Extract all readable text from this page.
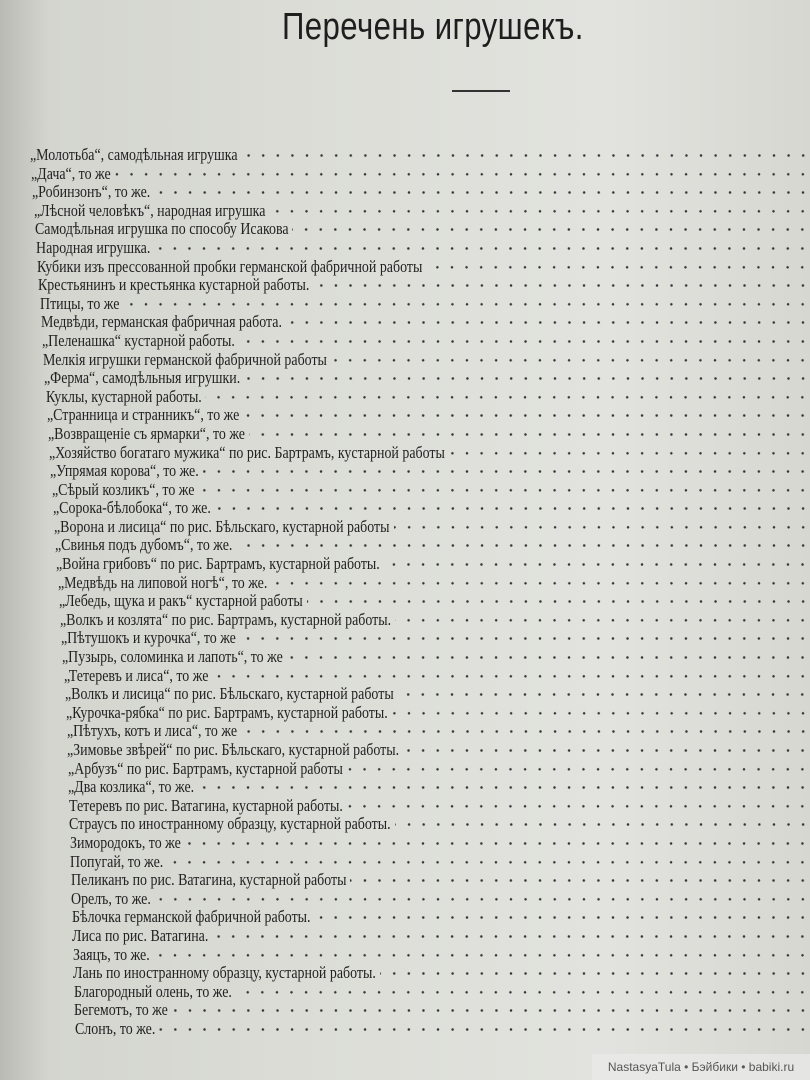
Перечень игрушекъ.
„Молотьба“, самодѣльная игрушка
„Дача“, то же
„Робинзонъ“, то же.
„Лѣсной человѣкъ“, народная игрушка
Самодѣльная игрушка по способу Исакова
Народная игрушка.
Кубики изъ прессованной пробки германской фабричной работы
Крестьянинъ и крестьянка кустарной работы.
Птицы, то же
Медвѣди, германская фабричная работа.
„Пеленашка“ кустарной работы.
Мелкія игрушки германской фабричной работы
„Ферма“, самодѣльныя игрушки.
Куклы, кустарной работы.
„Странница и странникъ“, то же
„Возвращеніе съ ярмарки“, то же
„Хозяйство богатаго мужика“ по рис. Бартрамъ, кустарной работы
„Упрямая корова“, то же.
„Сѣрый козликъ“, то же
„Сорока-бѣлобока“, то же.
„Ворона и лисица“ по рис. Бѣльскаго, кустарной работы
„Свинья подъ дубомъ“, то же.
„Война грибовъ“ по рис. Бартрамъ, кустарной работы.
„Медвѣдь на липовой ногѣ“, то же.
„Лебедь, щука и ракъ“ кустарной работы
„Волкъ и козлята“ по рис. Бартрамъ, кустарной работы.
„Пѣтушокъ и курочка“, то же
„Пузырь, соломинка и лапоть“, то же
„Тетеревъ и лиса“, то же
„Волкъ и лисица“ по рис. Бѣльскаго, кустарной работы
„Курочка-рябка“ по рис. Бартрамъ, кустарной работы.
„Пѣтухъ, котъ и лиса“, то же
„Зимовье звѣрей“ по рис. Бѣльскаго, кустарной работы.
„Арбузъ“ по рис. Бартрамъ, кустарной работы
„Два козлика“, то же.
Тетеревъ по рис. Ватагина, кустарной работы.
Страусъ по иностранному образцу, кустарной работы.
Зимородокъ, то же
Попугай, то же.
Пеликанъ по рис. Ватагина, кустарной работы
Орелъ, то же.
Бѣлочка германской фабричной работы.
Лиса по рис. Ватагина.
Заяцъ, то же.
Лань по иностранному образцу, кустарной работы.
Благородный олень, то же.
Бегемотъ, то же
Слонъ, то же.
NastasyaTula • Бэйбики • babiki.ru
